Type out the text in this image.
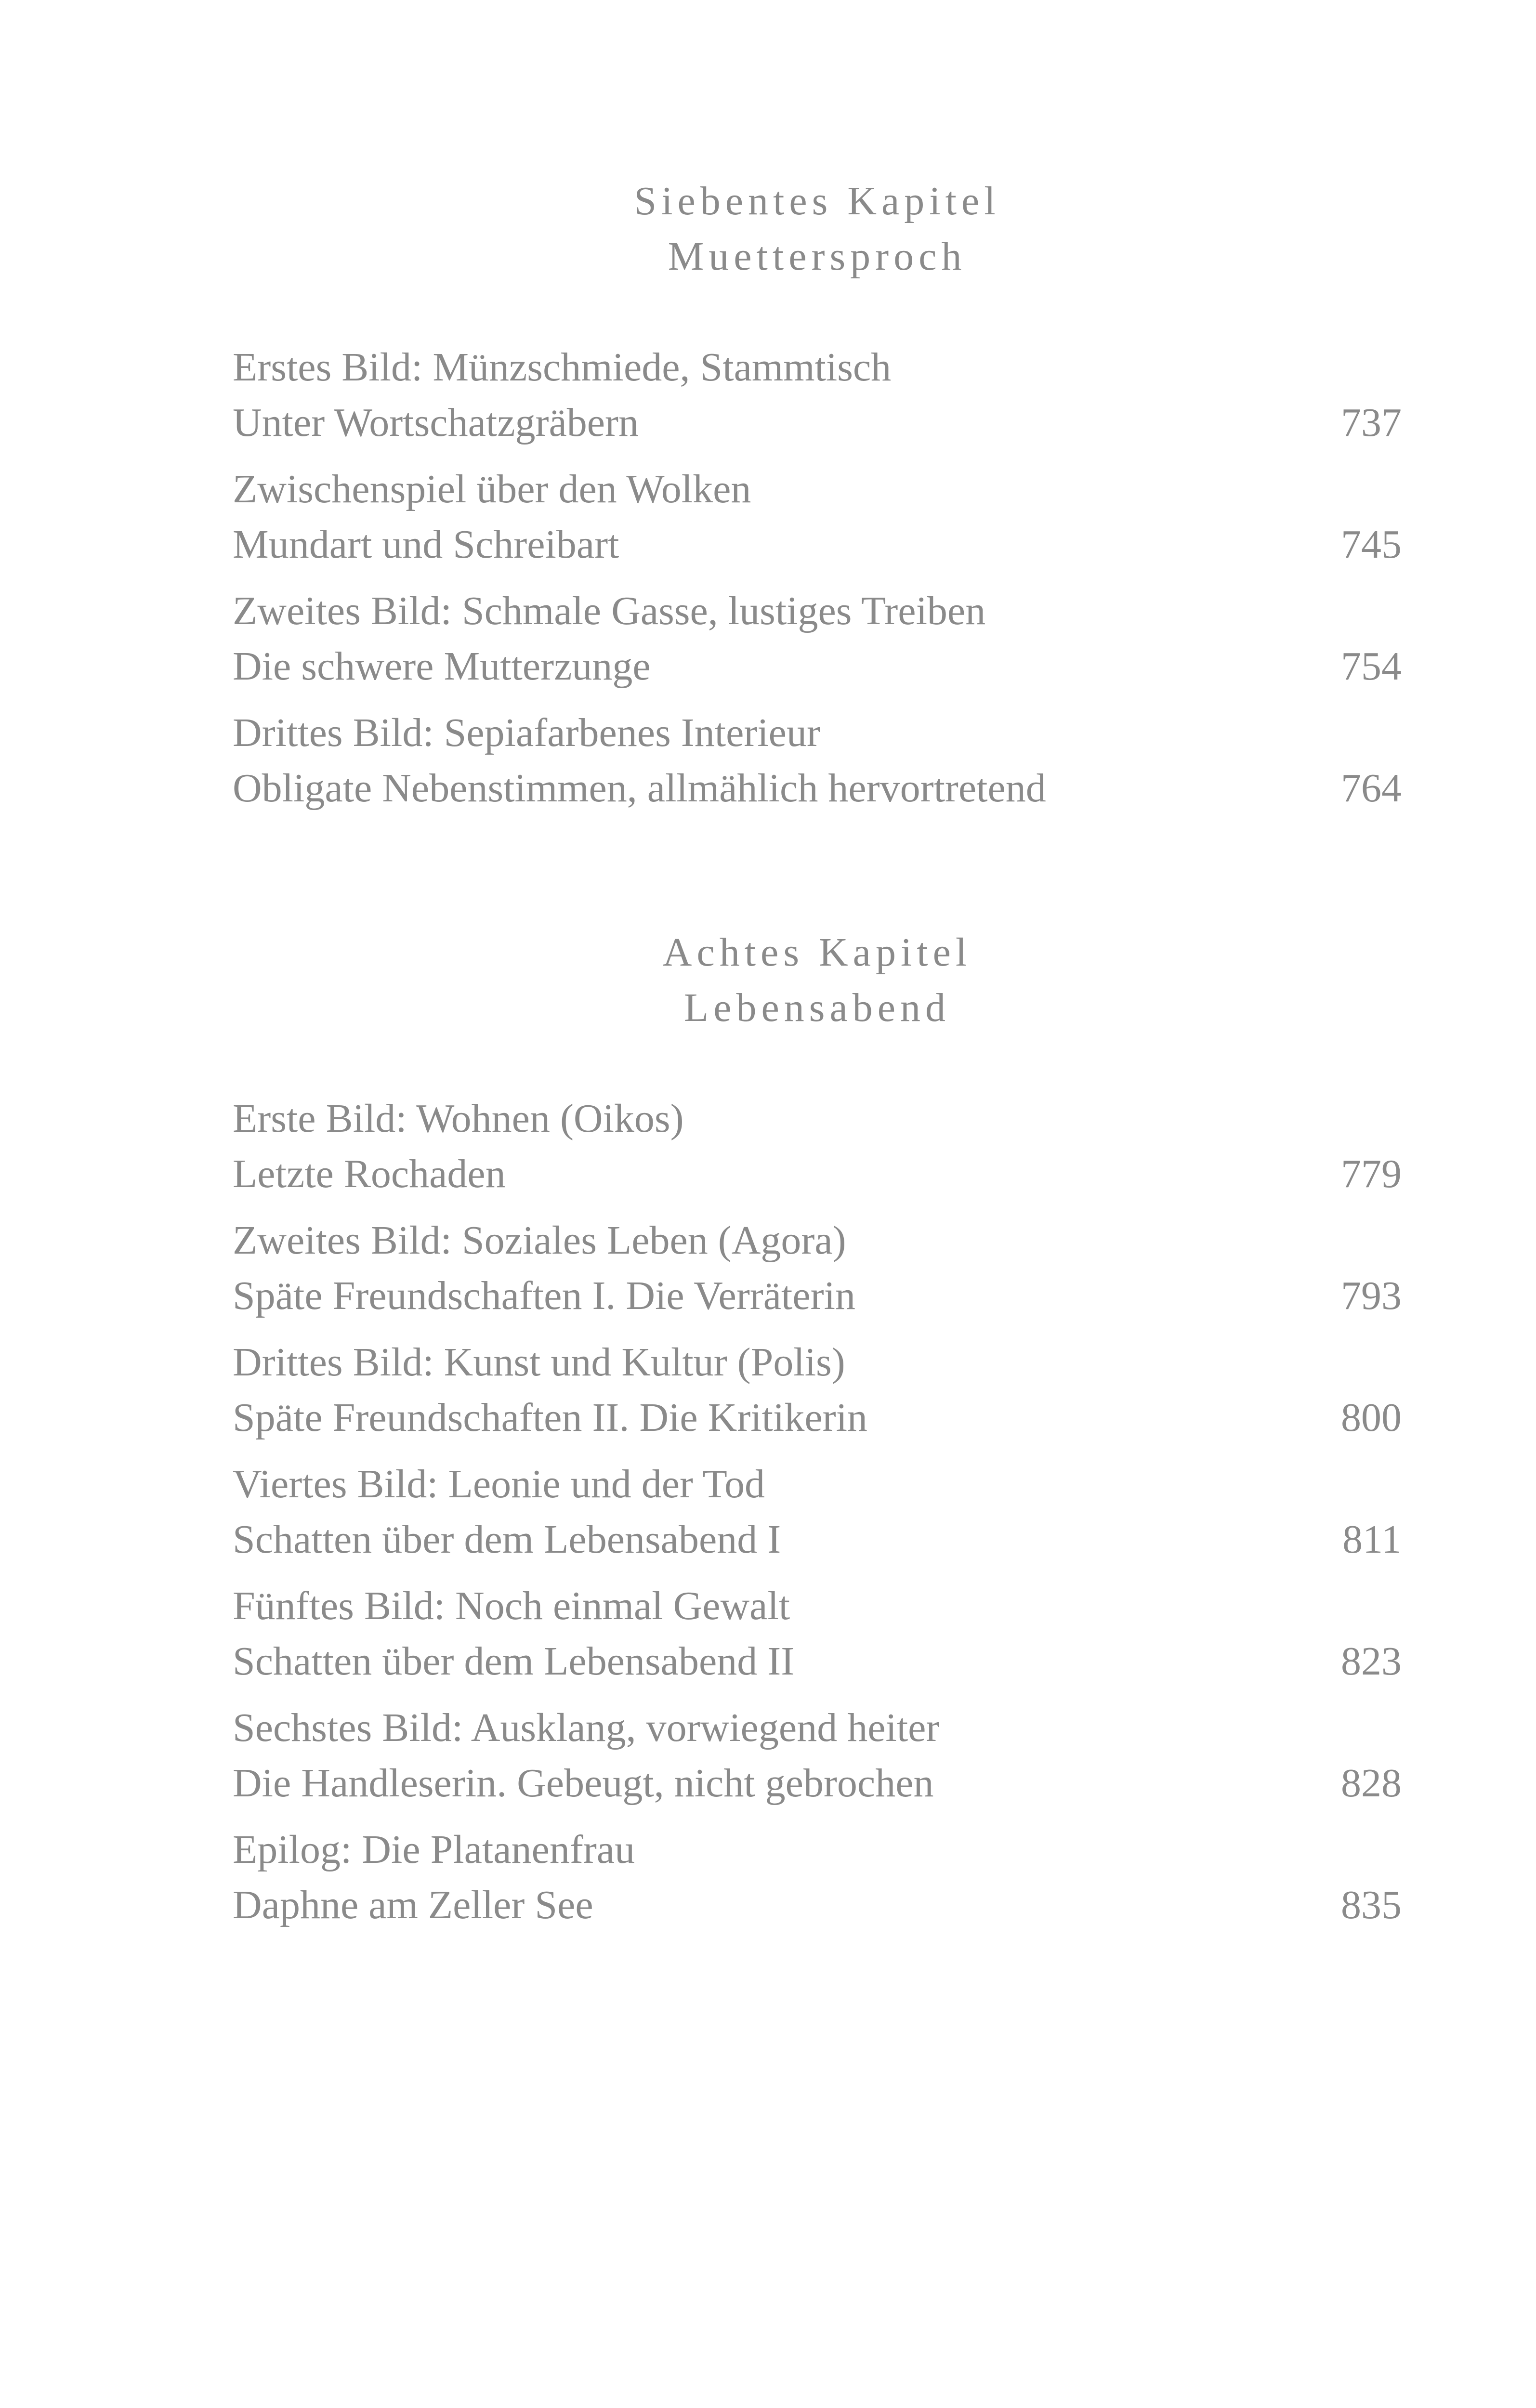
Siebentes Kapitel
Muettersproch
Erstes Bild: Münzschmiede, Stammtisch
Unter Wortschatzgräbern	737
Zwischenspiel über den Wolken
Mundart und Schreibart	745
Zweites Bild: Schmale Gasse, lustiges Treiben
Die schwere Mutterzunge	754
Drittes Bild: Sepiafarbenes Interieur
Obligate Nebenstimmen, allmählich hervortretend	764
Achtes Kapitel
Lebensabend
Erste Bild: Wohnen (Oikos)
Letzte Rochaden	779
Zweites Bild: Soziales Leben (Agora)
Späte Freundschaften I. Die Verräterin	793
Drittes Bild: Kunst und Kultur (Polis)
Späte Freundschaften II. Die Kritikerin	800
Viertes Bild: Leonie und der Tod
Schatten über dem Lebensabend I	811
Fünftes Bild: Noch einmal Gewalt
Schatten über dem Lebensabend II	823
Sechstes Bild: Ausklang, vorwiegend heiter
Die Handleserin. Gebeugt, nicht gebrochen	828
Epilog: Die Platanenfrau
Daphne am Zeller See	835
